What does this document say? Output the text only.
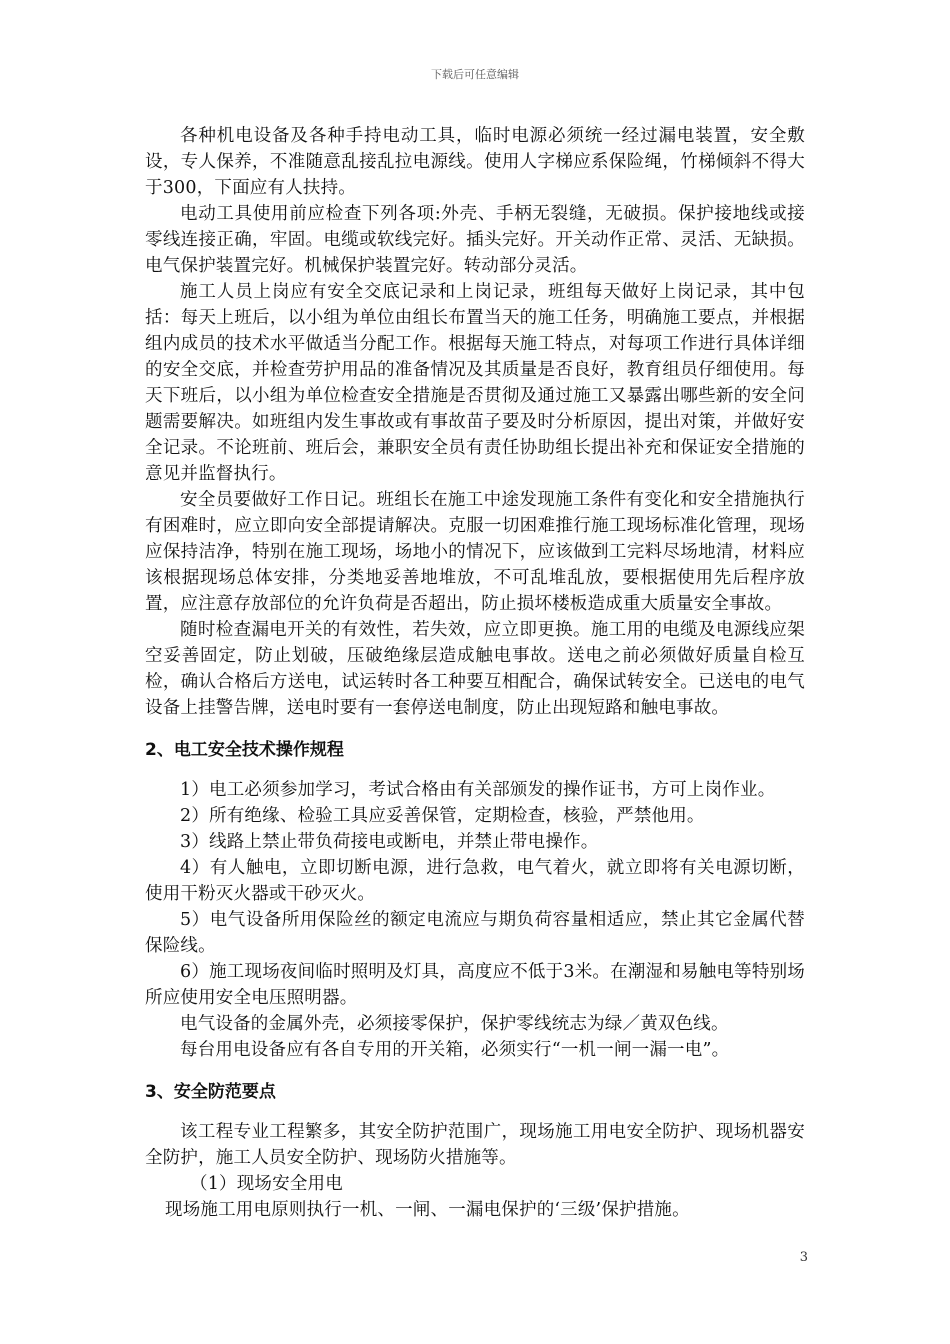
下载后可任意编辑

各种机电设备及各种手持电动工具，临时电源必须统一经过漏电装置，安全敷设，专人保养，不准随意乱接乱拉电源线。使用人字梯应系保险绳，竹梯倾斜不得大于300，下面应有人扶持。

电动工具使用前应检查下列各项:外壳、手柄无裂缝，无破损。保护接地线或接零线连接正确，牢固。电缆或软线完好。插头完好。开关动作正常、灵活、无缺损。电气保护装置完好。机械保护装置完好。转动部分灵活。

施工人员上岗应有安全交底记录和上岗记录，班组每天做好上岗记录，其中包括：每天上班后，以小组为单位由组长布置当天的施工任务，明确施工要点，并根据组内成员的技术水平做适当分配工作。根据每天施工特点，对每项工作进行具体详细的安全交底，并检查劳护用品的准备情况及其质量是否良好，教育组员仔细使用。每天下班后，以小组为单位检查安全措施是否贯彻及通过施工又暴露出哪些新的安全问题需要解决。如班组内发生事故或有事故苗子要及时分析原因，提出对策，并做好安全记录。不论班前、班后会，兼职安全员有责任协助组长提出补充和保证安全措施的意见并监督执行。

安全员要做好工作日记。班组长在施工中途发现施工条件有变化和安全措施执行有困难时，应立即向安全部提请解决。克服一切困难推行施工现场标准化管理，现场应保持洁净，特别在施工现场，场地小的情况下，应该做到工完料尽场地清，材料应该根据现场总体安排，分类地妥善地堆放，不可乱堆乱放，要根据使用先后程序放置，应注意存放部位的允许负荷是否超出，防止损坏楼板造成重大质量安全事故。

随时检查漏电开关的有效性，若失效，应立即更换。施工用的电缆及电源线应架空妥善固定，防止划破，压破绝缘层造成触电事故。送电之前必须做好质量自检互检，确认合格后方送电，试运转时各工种要互相配合，确保试转安全。已送电的电气设备上挂警告牌，送电时要有一套停送电制度，防止出现短路和触电事故。

2、电工安全技术操作规程

1）电工必须参加学习，考试合格由有关部颁发的操作证书，方可上岗作业。

2）所有绝缘、检验工具应妥善保管，定期检查，核验，严禁他用。

3）线路上禁止带负荷接电或断电，并禁止带电操作。

4）有人触电，立即切断电源，进行急救，电气着火，就立即将有关电源切断，使用干粉灭火器或干砂灭火。

5）电气设备所用保险丝的额定电流应与期负荷容量相适应，禁止其它金属代替保险线。

6）施工现场夜间临时照明及灯具，高度应不低于3米。在潮湿和易触电等特别场所应使用安全电压照明器。

电气设备的金属外壳，必须接零保护，保护零线统志为绿／黄双色线。

每台用电设备应有各自专用的开关箱，必须实行“一机一闸一漏一电”。

3、安全防范要点

该工程专业工程繁多，其安全防护范围广，现场施工用电安全防护、现场机器安全防护，施工人员安全防护、现场防火措施等。

（1）现场安全用电

现场施工用电原则执行一机、一闸、一漏电保护的‘三级’保护措施。

3
